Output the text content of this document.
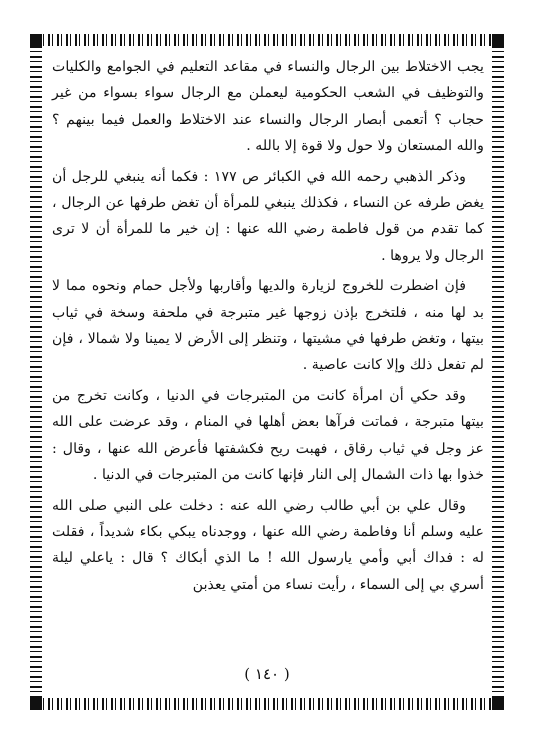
يجب الاختلاط بين الرجال والنساء في مقاعد التعليم في الجوامع والكليات والتوظيف في الشعب الحكومية ليعملن مع الرجال سواء بسواء من غير حجاب ؟ أتعمى أبصار الرجال والنساء عند الاختلاط والعمل فيما بينهم ؟ والله المستعان ولا حول ولا قوة إلا بالله .

وذكر الذهبي رحمه الله في الكبائر ص ١٧٧ : فكما أنه ينبغي للرجل أن يغض طرفه عن النساء ، فكذلك ينبغي للمرأة أن تغض طرفها عن الرجال ، كما تقدم من قول فاطمة رضي الله عنها : إن خير ما للمرأة أن لا ترى الرجال ولا يروها .

فإن اضطرت للخروج لزيارة والديها وأقاربها ولأجل حمام ونحوه مما لا بد لها منه ، فلتخرج بإذن زوجها غير متبرجة في ملحفة وسخة في ثياب بيتها ، وتغض طرفها في مشيتها ، وتنظر إلى الأرض لا يمينا ولا شمالا ، فإن لم تفعل ذلك وإلا كانت عاصية .

وقد حكي أن امرأة كانت من المتبرجات في الدنيا ، وكانت تخرج من بيتها متبرجة ، فماتت فرآها بعض أهلها في المنام ، وقد عرضت على الله عز وجل في ثياب رقاق ، فهبت ريح فكشفتها فأعرض الله عنها ، وقال : خذوا بها ذات الشمال إلى النار فإنها كانت من المتبرجات في الدنيا .

وقال علي بن أبي طالب رضي الله عنه : دخلت على النبي صلى الله عليه وسلم أنا وفاطمة رضي الله عنها ، ووجدناه يبكي بكاء شديداً ، فقلت له : فداك أبي وأمي يارسول الله ! ما الذي أبكاك ؟ قال : ياعلي ليلة أسري بي إلى السماء ، رأيت نساء من أمتي يعذبن

( ١٤٠ )
